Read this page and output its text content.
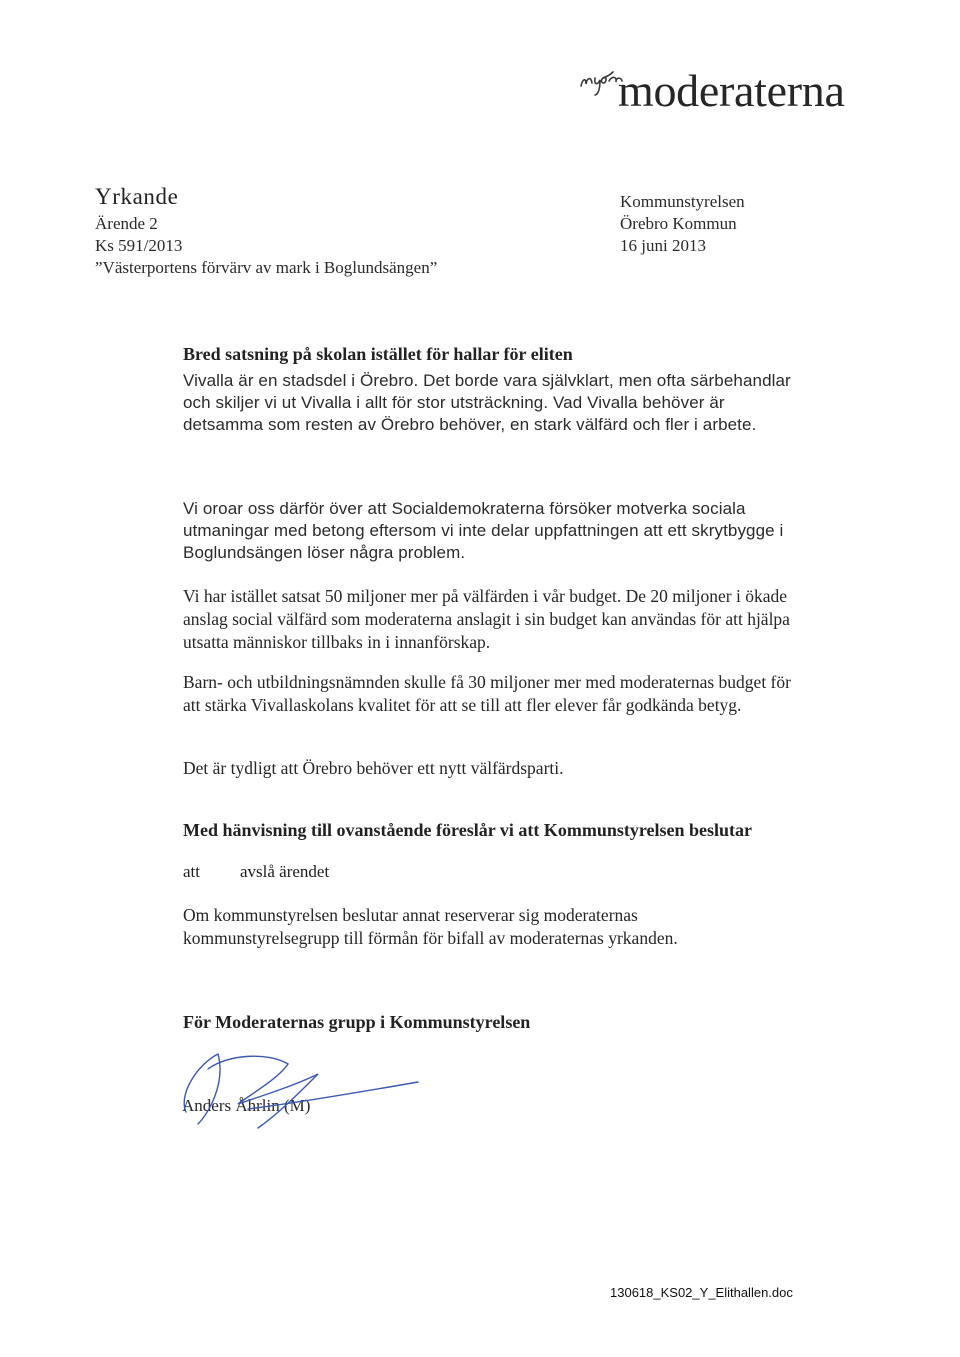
moderaterna
Yrkande
Ärende 2
Ks 591/2013
”Västerportens förvärv av mark i Boglundsängen”
Kommunstyrelsen
Örebro Kommun
16 juni 2013
Bred satsning på skolan istället för hallar för eliten
Vivalla är en stadsdel i Örebro. Det borde vara självklart, men ofta särbehandlar och skiljer vi ut Vivalla i allt för stor utsträckning. Vad Vivalla behöver är detsamma som resten av Örebro behöver, en stark välfärd och fler i arbete.
Vi oroar oss därför över att Socialdemokraterna försöker motverka sociala utmaningar med betong eftersom vi inte delar uppfattningen att ett skrytbygge i Boglundsängen löser några problem.
Vi har istället satsat 50 miljoner mer på välfärden i vår budget. De 20 miljoner i ökade anslag social välfärd som moderaterna anslagit i sin budget kan användas för att hjälpa utsatta människor tillbaks in i innanförskap.
Barn- och utbildningsnämnden skulle få 30 miljoner mer med moderaternas budget för att stärka Vivallaskolans kvalitet för att se till att fler elever får godkända betyg.
Det är tydligt att Örebro behöver ett nytt välfärdsparti.
Med hänvisning till ovanstående föreslår vi att Kommunstyrelsen beslutar
att avslå ärendet
Om kommunstyrelsen beslutar annat reserverar sig moderaternas kommunstyrelsegrupp till förmån för bifall av moderaternas yrkanden.
För Moderaternas grupp i Kommunstyrelsen
Anders Åhrlin (M)
130618_KS02_Y_Elithallen.doc
